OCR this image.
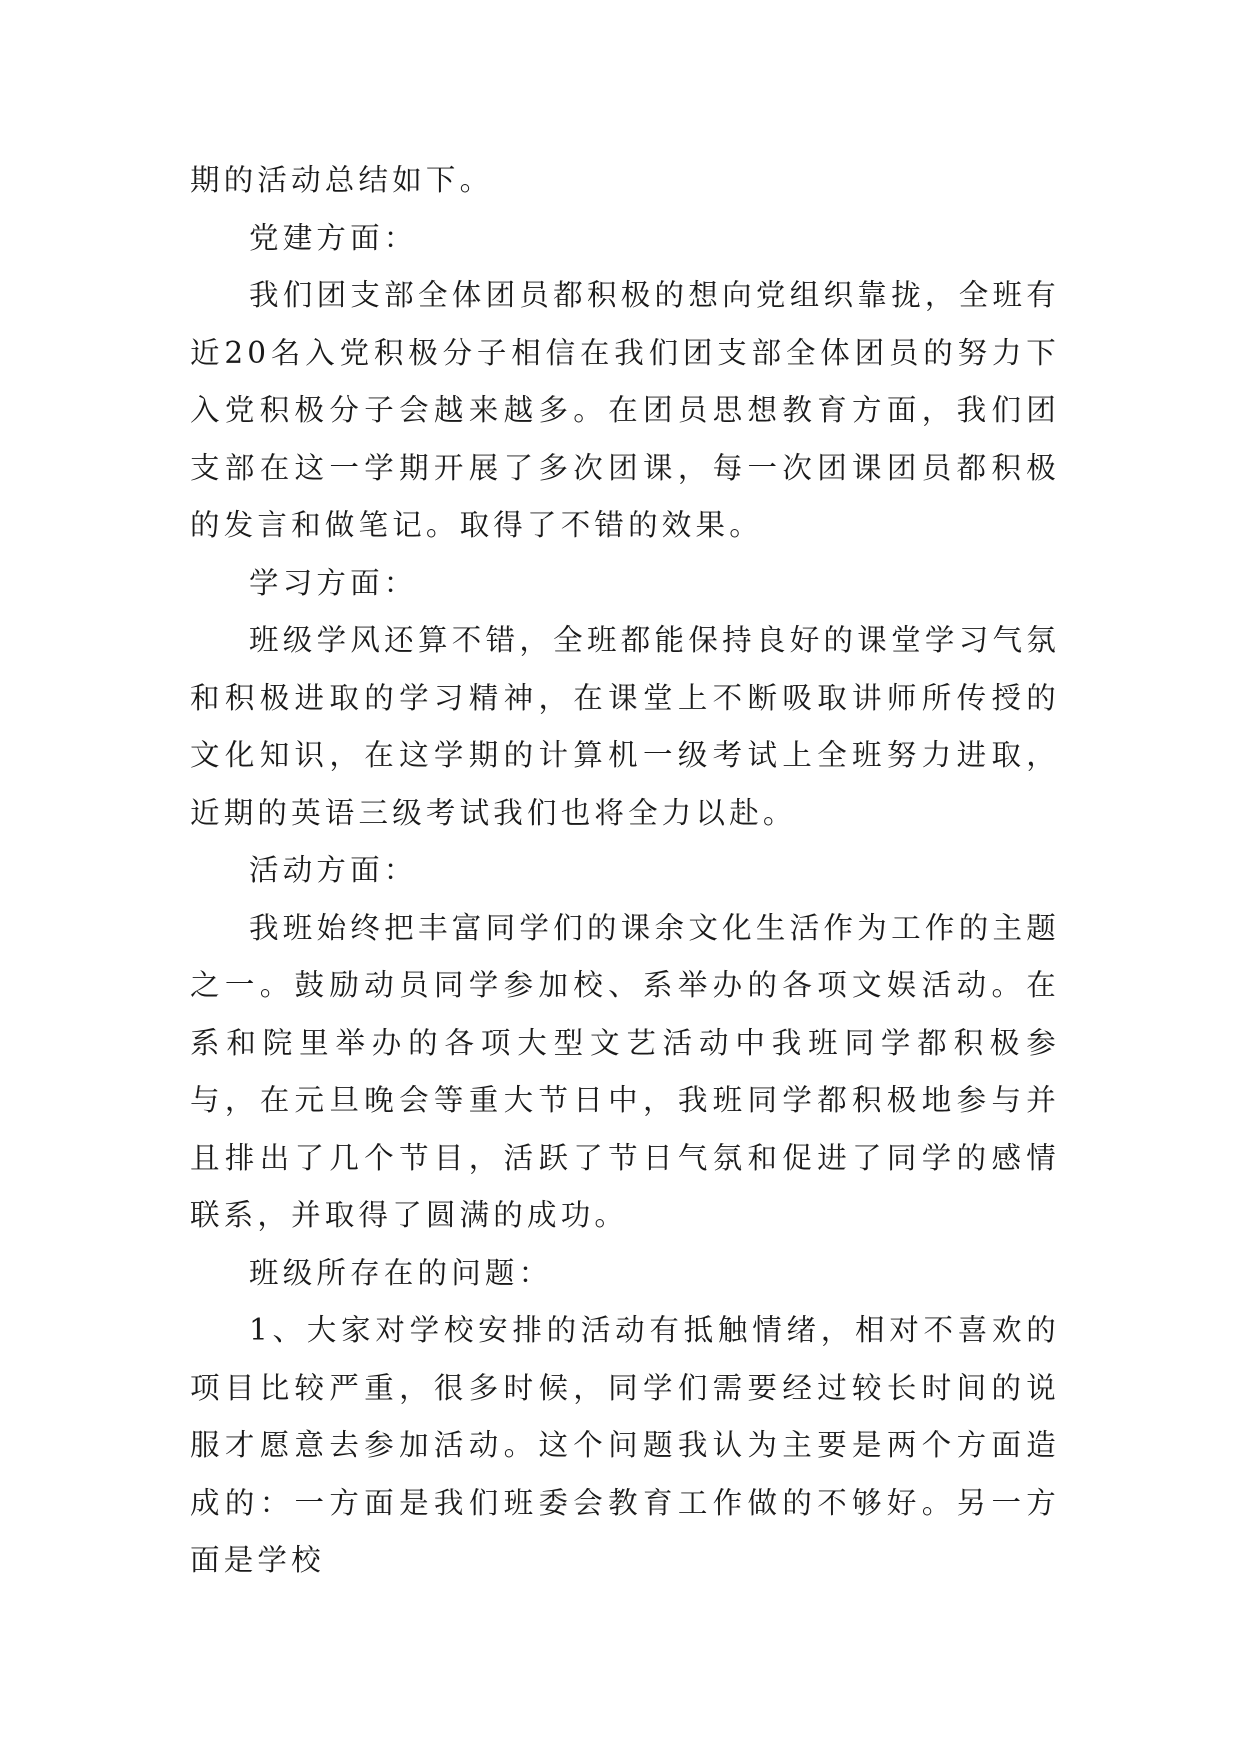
期的活动总结如下。

党建方面：

我们团支部全体团员都积极的想向党组织靠拢，全班有近20名入党积极分子相信在我们团支部全体团员的努力下入党积极分子会越来越多。在团员思想教育方面，我们团支部在这一学期开展了多次团课，每一次团课团员都积极的发言和做笔记。取得了不错的效果。

学习方面：

班级学风还算不错，全班都能保持良好的课堂学习气氛和积极进取的学习精神，在课堂上不断吸取讲师所传授的文化知识，在这学期的计算机一级考试上全班努力进取，近期的英语三级考试我们也将全力以赴。

活动方面：

我班始终把丰富同学们的课余文化生活作为工作的主题之一。鼓励动员同学参加校、系举办的各项文娱活动。在系和院里举办的各项大型文艺活动中我班同学都积极参与，在元旦晚会等重大节日中，我班同学都积极地参与并且排出了几个节目，活跃了节日气氛和促进了同学的感情联系，并取得了圆满的成功。

班级所存在的问题：

1、大家对学校安排的活动有抵触情绪，相对不喜欢的项目比较严重，很多时候，同学们需要经过较长时间的说服才愿意去参加活动。这个问题我认为主要是两个方面造成的：一方面是我们班委会教育工作做的不够好。另一方面是学校
